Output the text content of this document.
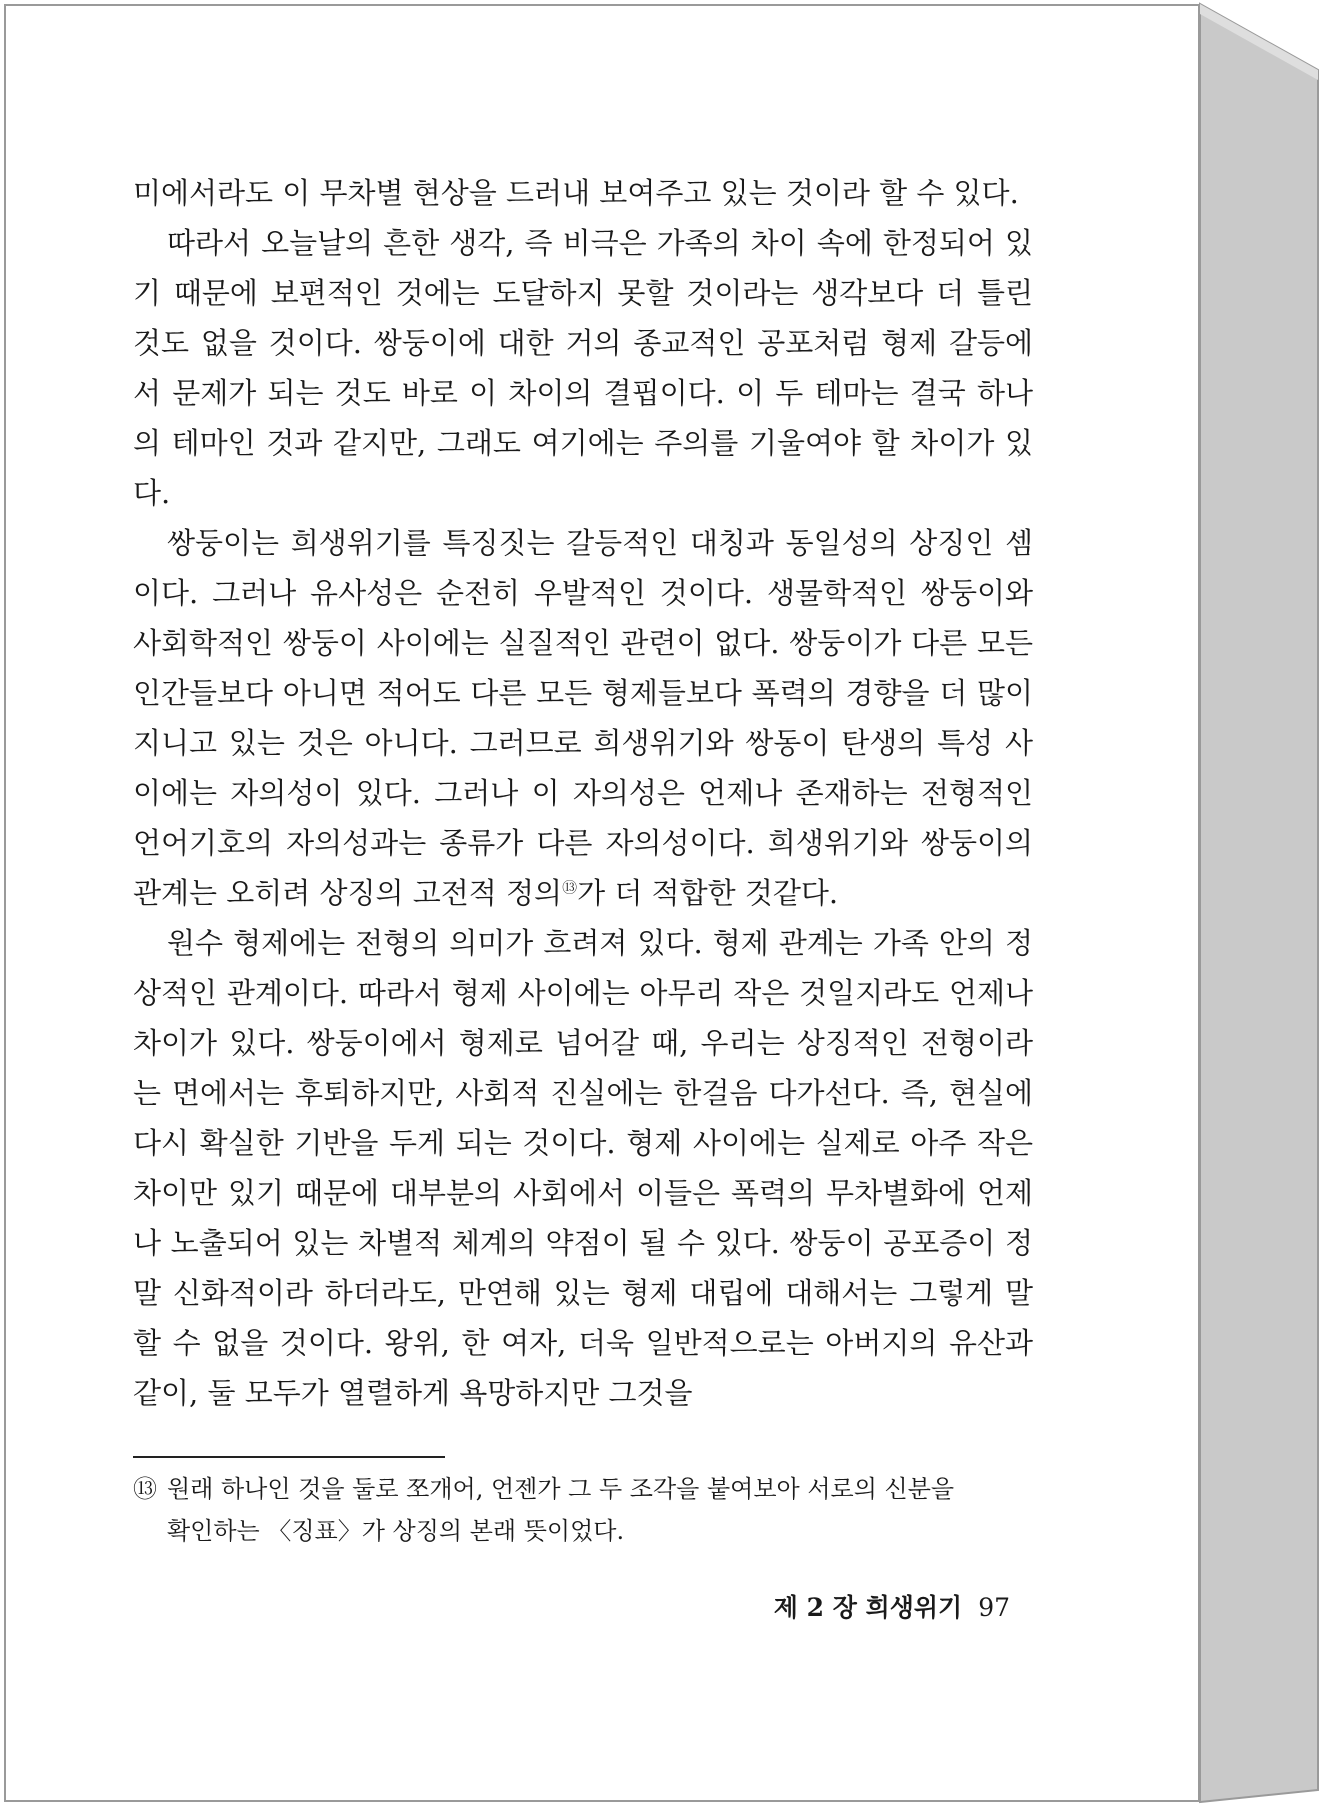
미에서라도 이 무차별 현상을 드러내 보여주고 있는 것이라 할 수 있다.

따라서 오늘날의 흔한 생각, 즉 비극은 가족의 차이 속에 한정되어 있기 때문에 보편적인 것에는 도달하지 못할 것이라는 생각보다 더 틀린 것도 없을 것이다. 쌍둥이에 대한 거의 종교적인 공포처럼 형제 갈등에서 문제가 되는 것도 바로 이 차이의 결핍이다. 이 두 테마는 결국 하나의 테마인 것과 같지만, 그래도 여기에는 주의를 기울여야 할 차이가 있다.

쌍둥이는 희생위기를 특징짓는 갈등적인 대칭과 동일성의 상징인 셈이다. 그러나 유사성은 순전히 우발적인 것이다. 생물학적인 쌍둥이와 사회학적인 쌍둥이 사이에는 실질적인 관련이 없다. 쌍둥이가 다른 모든 인간들보다 아니면 적어도 다른 모든 형제들보다 폭력의 경향을 더 많이 지니고 있는 것은 아니다. 그러므로 희생위기와 쌍동이 탄생의 특성 사이에는 자의성이 있다. 그러나 이 자의성은 언제나 존재하는 전형적인 언어기호의 자의성과는 종류가 다른 자의성이다. 희생위기와 쌍둥이의 관계는 오히려 상징의 고전적 정의⑬가 더 적합한 것같다.

원수 형제에는 전형의 의미가 흐려져 있다. 형제 관계는 가족 안의 정상적인 관계이다. 따라서 형제 사이에는 아무리 작은 것일지라도 언제나 차이가 있다. 쌍둥이에서 형제로 넘어갈 때, 우리는 상징적인 전형이라는 면에서는 후퇴하지만, 사회적 진실에는 한걸음 다가선다. 즉, 현실에 다시 확실한 기반을 두게 되는 것이다. 형제 사이에는 실제로 아주 작은 차이만 있기 때문에 대부분의 사회에서 이들은 폭력의 무차별화에 언제나 노출되어 있는 차별적 체계의 약점이 될 수 있다. 쌍둥이 공포증이 정말 신화적이라 하더라도, 만연해 있는 형제 대립에 대해서는 그렇게 말할 수 없을 것이다. 왕위, 한 여자, 더욱 일반적으로는 아버지의 유산과 같이, 둘 모두가 열렬하게 욕망하지만 그것을

⑬ 원래 하나인 것을 둘로 쪼개어, 언젠가 그 두 조각을 붙여보아 서로의 신분을
확인하는 〈징표〉가 상징의 본래 뜻이었다.
제 2 장 희생위기 97
